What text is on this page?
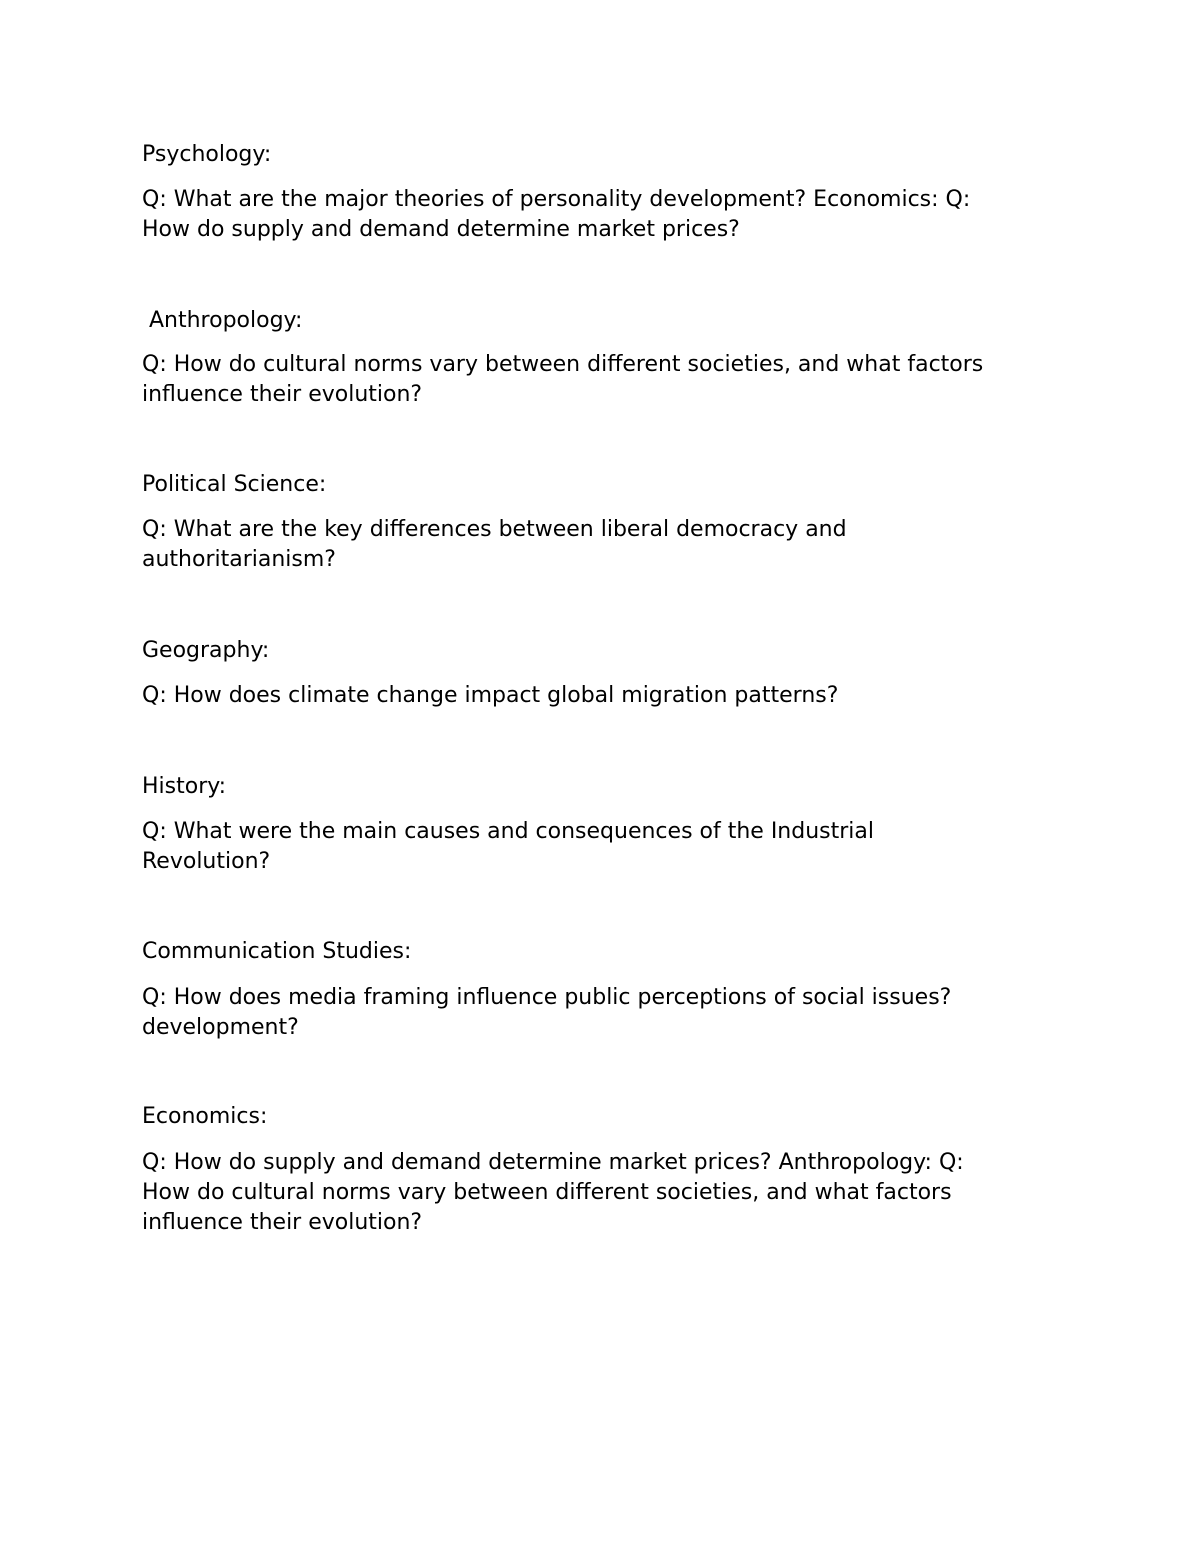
Psychology:

Q: What are the major theories of personality development? Economics: Q:
How do supply and demand determine market prices?

Anthropology:

Q: How do cultural norms vary between different societies, and what factors
influence their evolution?

Political Science:

Q: What are the key differences between liberal democracy and
authoritarianism?

Geography:

Q: How does climate change impact global migration patterns?

History:

Q: What were the main causes and consequences of the Industrial
Revolution?

Communication Studies:

Q: How does media framing influence public perceptions of social issues?
development?

Economics:

Q: How do supply and demand determine market prices? Anthropology: Q:
How do cultural norms vary between different societies, and what factors
influence their evolution?
